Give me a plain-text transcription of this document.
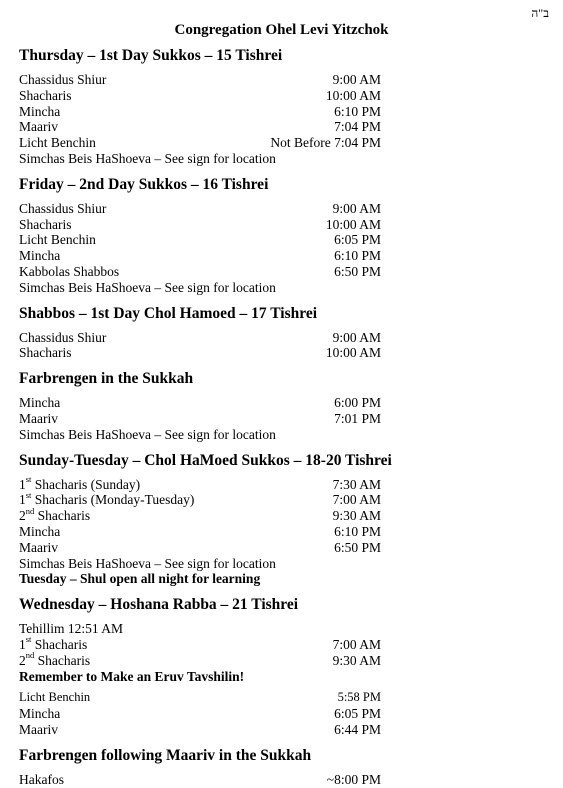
ב"ה
Congregation Ohel Levi Yitzchok
Thursday – 1st Day Sukkos – 15 Tishrei
Chassidus Shiur	9:00 AM
Shacharis	10:00 AM
Mincha	6:10 PM
Maariv	7:04 PM
Licht Benchin	Not Before 7:04 PM
Simchas Beis HaShoeva – See sign for location
Friday – 2nd Day Sukkos – 16 Tishrei
Chassidus Shiur	9:00 AM
Shacharis	10:00 AM
Licht Benchin	6:05 PM
Mincha	6:10 PM
Kabbolas Shabbos	6:50 PM
Simchas Beis HaShoeva – See sign for location
Shabbos – 1st Day Chol Hamoed – 17 Tishrei
Chassidus Shiur	9:00 AM
Shacharis	10:00 AM
Farbrengen in the Sukkah
Mincha	6:00 PM
Maariv	7:01 PM
Simchas Beis HaShoeva – See sign for location
Sunday-Tuesday – Chol HaMoed Sukkos – 18-20 Tishrei
1st Shacharis (Sunday)	7:30 AM
1st Shacharis (Monday-Tuesday)	7:00 AM
2nd Shacharis	9:30 AM
Mincha	6:10 PM
Maariv	6:50 PM
Simchas Beis HaShoeva – See sign for location
Tuesday – Shul open all night for learning
Wednesday – Hoshana Rabba – 21 Tishrei
Tehillim 12:51 AM
1st Shacharis	7:00 AM
2nd Shacharis	9:30 AM
Remember to Make an Eruv Tavshilin!
Licht Benchin	5:58 PM
Mincha	6:05 PM
Maariv	6:44 PM
Farbrengen following Maariv in the Sukkah
Hakafos	~8:00 PM
